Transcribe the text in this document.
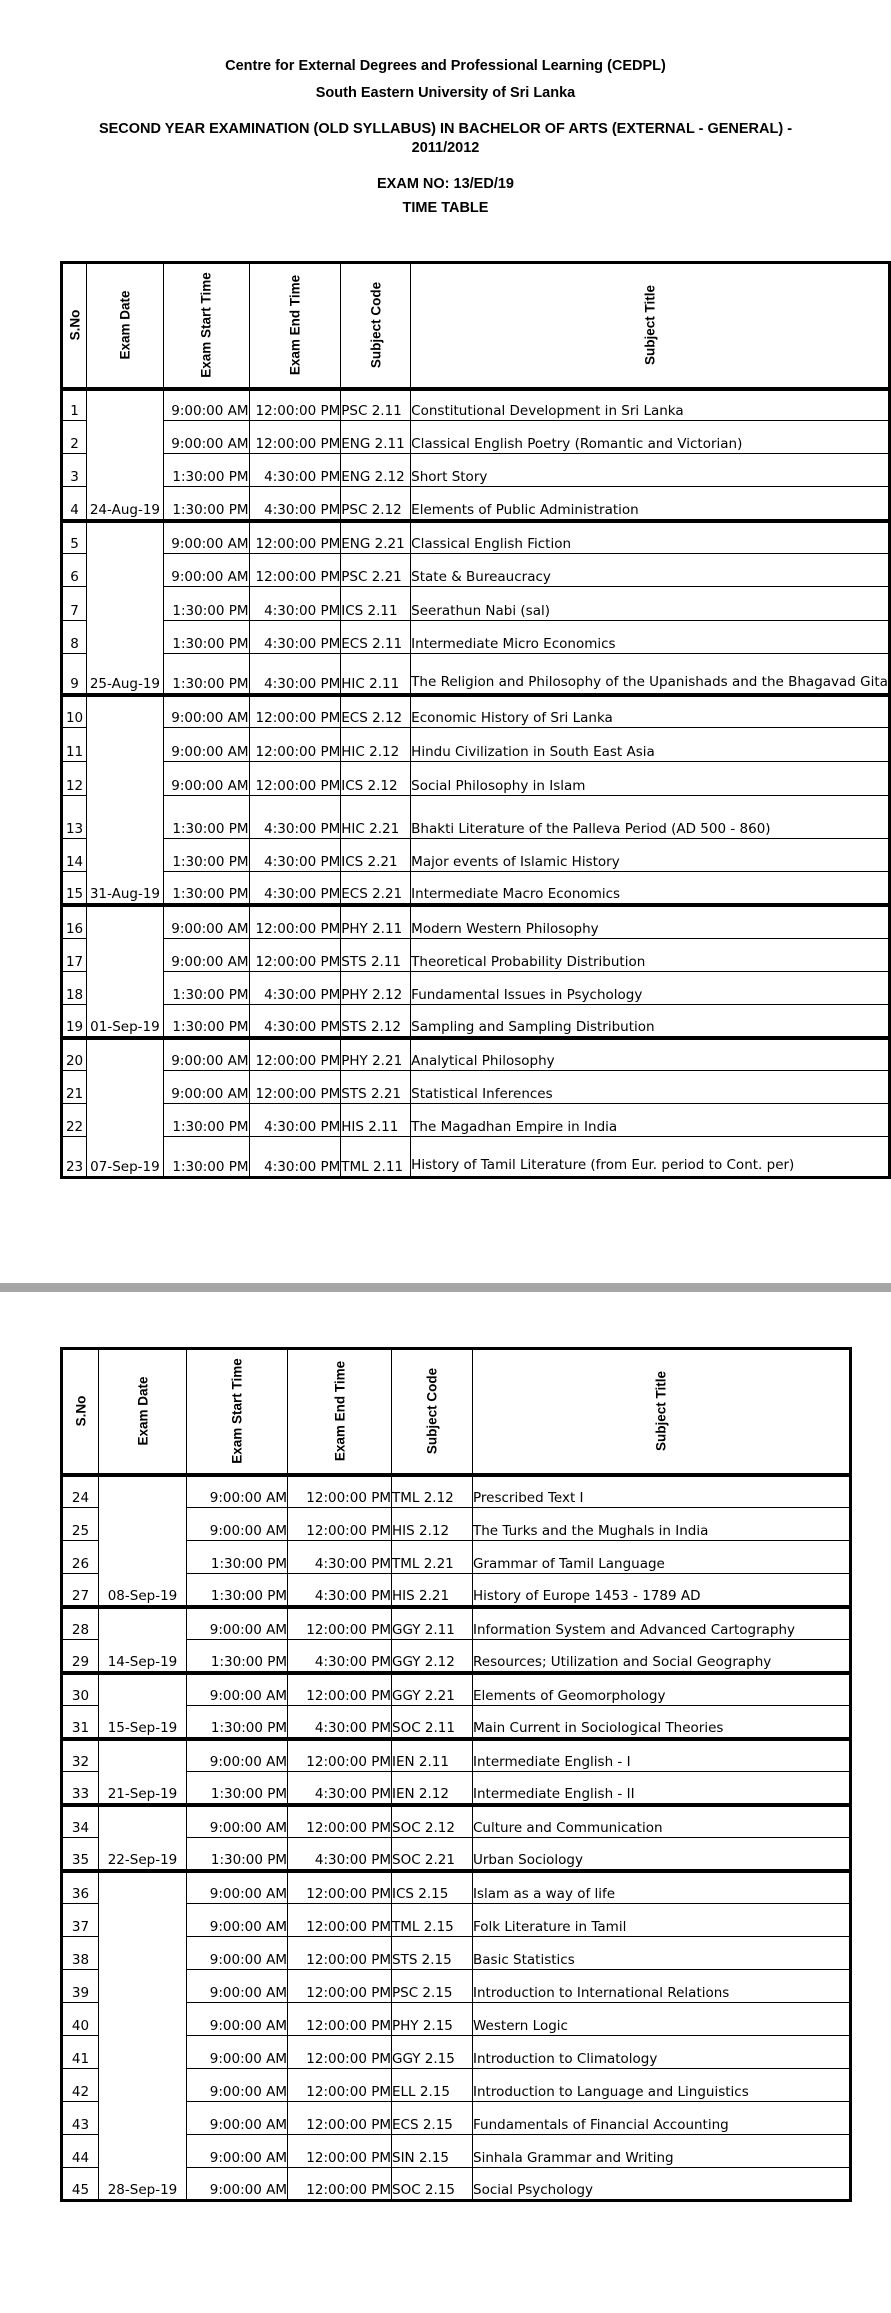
Centre for External Degrees and Professional Learning (CEDPL)
South Eastern University of Sri Lanka
SECOND YEAR EXAMINATION (OLD SYLLABUS) IN BACHELOR OF ARTS (EXTERNAL - GENERAL) -
2011/2012
EXAM NO: 13/ED/19
TIME TABLE
S.No	Exam Date	Exam Start Time	Exam End Time	Subject Code	Subject Title

1	24-Aug-19	9:00:00 AM	12:00:00 PM	PSC 2.11	Constitutional Development in Sri Lanka
2		9:00:00 AM	12:00:00 PM	ENG 2.11	Classical English Poetry (Romantic and Victorian)
3		1:30:00 PM	4:30:00 PM	ENG 2.12	Short Story
4		1:30:00 PM	4:30:00 PM	PSC 2.12	Elements of Public Administration
5	25-Aug-19	9:00:00 AM	12:00:00 PM	ENG 2.21	Classical English Fiction
6		9:00:00 AM	12:00:00 PM	PSC 2.21	State & Bureaucracy
7		1:30:00 PM	4:30:00 PM	ICS 2.11	Seerathun Nabi (sal)
8		1:30:00 PM	4:30:00 PM	ECS 2.11	Intermediate Micro Economics
9		1:30:00 PM	4:30:00 PM	HIC 2.11	The Religion and Philosophy of the Upanishads and the Bhagavad Gita
10	31-Aug-19	9:00:00 AM	12:00:00 PM	ECS 2.12	Economic History of Sri Lanka
11		9:00:00 AM	12:00:00 PM	HIC 2.12	Hindu Civilization in South East Asia
12		9:00:00 AM	12:00:00 PM	ICS 2.12	Social Philosophy in Islam
13		1:30:00 PM	4:30:00 PM	HIC 2.21	Bhakti Literature of the Palleva Period (AD 500 - 860)
14		1:30:00 PM	4:30:00 PM	ICS 2.21	Major events of Islamic History
15		1:30:00 PM	4:30:00 PM	ECS 2.21	Intermediate Macro Economics
16	01-Sep-19	9:00:00 AM	12:00:00 PM	PHY 2.11	Modern Western Philosophy
17		9:00:00 AM	12:00:00 PM	STS 2.11	Theoretical Probability Distribution
18		1:30:00 PM	4:30:00 PM	PHY 2.12	Fundamental Issues in Psychology
19		1:30:00 PM	4:30:00 PM	STS 2.12	Sampling and Sampling Distribution
20	07-Sep-19	9:00:00 AM	12:00:00 PM	PHY 2.21	Analytical Philosophy
21		9:00:00 AM	12:00:00 PM	STS 2.21	Statistical Inferences
22		1:30:00 PM	4:30:00 PM	HIS 2.11	The Magadhan Empire in India
23		1:30:00 PM	4:30:00 PM	TML 2.11	History of Tamil Literature (from Eur. period to Cont. per)
S.No	Exam Date	Exam Start Time	Exam End Time	Subject Code	Subject Title

24	08-Sep-19	9:00:00 AM	12:00:00 PM	TML 2.12	Prescribed Text I
25		9:00:00 AM	12:00:00 PM	HIS 2.12	The Turks and the Mughals in India
26		1:30:00 PM	4:30:00 PM	TML 2.21	Grammar of Tamil Language
27		1:30:00 PM	4:30:00 PM	HIS 2.21	History of Europe 1453 - 1789 AD
28	14-Sep-19	9:00:00 AM	12:00:00 PM	GGY 2.11	Information System and Advanced Cartography
29		1:30:00 PM	4:30:00 PM	GGY 2.12	Resources; Utilization and Social Geography
30	15-Sep-19	9:00:00 AM	12:00:00 PM	GGY 2.21	Elements of Geomorphology
31		1:30:00 PM	4:30:00 PM	SOC 2.11	Main Current in Sociological Theories
32	21-Sep-19	9:00:00 AM	12:00:00 PM	IEN 2.11	Intermediate English - I
33		1:30:00 PM	4:30:00 PM	IEN 2.12	Intermediate English - II
34	22-Sep-19	9:00:00 AM	12:00:00 PM	SOC 2.12	Culture and Communication
35		1:30:00 PM	4:30:00 PM	SOC 2.21	Urban Sociology
36	28-Sep-19	9:00:00 AM	12:00:00 PM	ICS 2.15	Islam as a way of life
37		9:00:00 AM	12:00:00 PM	TML 2.15	Folk Literature in Tamil
38		9:00:00 AM	12:00:00 PM	STS 2.15	Basic Statistics
39		9:00:00 AM	12:00:00 PM	PSC 2.15	Introduction to International Relations
40		9:00:00 AM	12:00:00 PM	PHY 2.15	Western Logic
41		9:00:00 AM	12:00:00 PM	GGY 2.15	Introduction to Climatology
42		9:00:00 AM	12:00:00 PM	ELL 2.15	Introduction to Language and Linguistics
43		9:00:00 AM	12:00:00 PM	ECS 2.15	Fundamentals of Financial Accounting
44		9:00:00 AM	12:00:00 PM	SIN 2.15	Sinhala Grammar and Writing
45		9:00:00 AM	12:00:00 PM	SOC 2.15	Social Psychology
